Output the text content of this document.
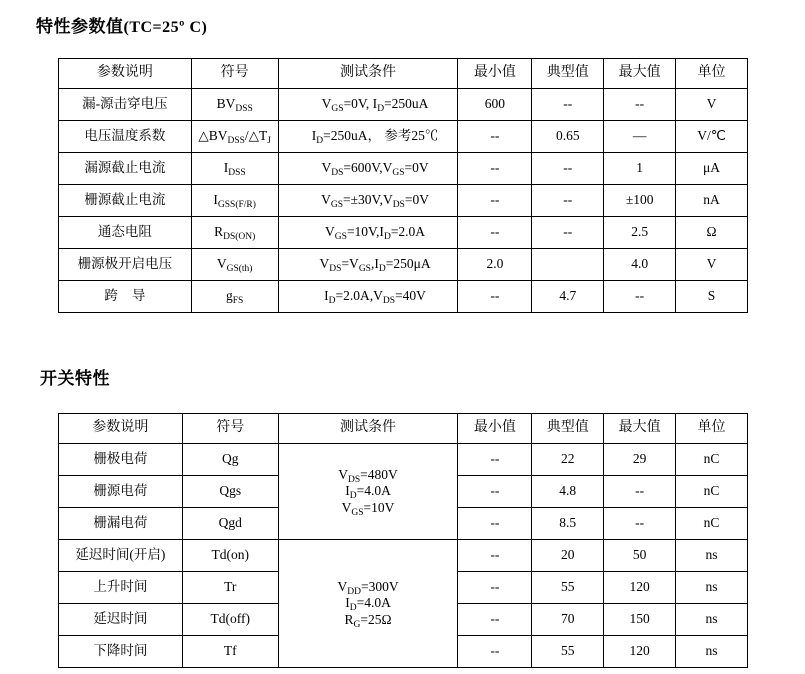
特性参数值(TC=25º C)
参数说明	符号	测试条件	最小值	典型值	最大值	单位
漏-源击穿电压	$BV_{DSS}$	$V_{GS}=0V$, $I_D=250uA$	600	--	--	V
电压温度系数	$\triangle BV_{DSS}/\triangle T_J$	$I_D=250uA$， 参考25℃	--	0.65	—	V/℃
漏源截止电流	$I_{DSS}$	$V_{DS}=600V,V_{GS}=0V$	--	--	1	μA
栅源截止电流	$I_{GSS(F/R)}$	$V_{GS}=\pm 30V,V_{DS}=0V$	--	--	±100	nA
通态电阻	$R_{DS(ON)}$	$V_{GS}=10V,I_D=2.0A$	--	--	2.5	Ω
栅源极开启电压	$V_{GS(th)}$	$V_{DS}=V_{GS},I_D=250\mu A$	2.0		4.0	V
跨导	$g_{FS}$	$I_D=2.0A,V_{DS}=40V$	--	4.7	--	S
开关特性
参数说明	符号	测试条件	最小值	典型值	最大值	单位
栅极电荷	Qg	$V_{DS}=480V$
$I_D=4.0A$
$V_{GS}=10V$	--	22	29	nC
栅源电荷	Qgs		--	4.8	--	nC
栅漏电荷	Qgd		--	8.5	--	nC
延迟时间(开启)	Td(on)	$V_{DD}=300V$
$I_D=4.0A$
$R_G=25\Omega$	--	20	50	ns
上升时间	Tr		--	55	120	ns
延迟时间	Td(off)		--	70	150	ns
下降时间	Tf		--	55	120	ns
